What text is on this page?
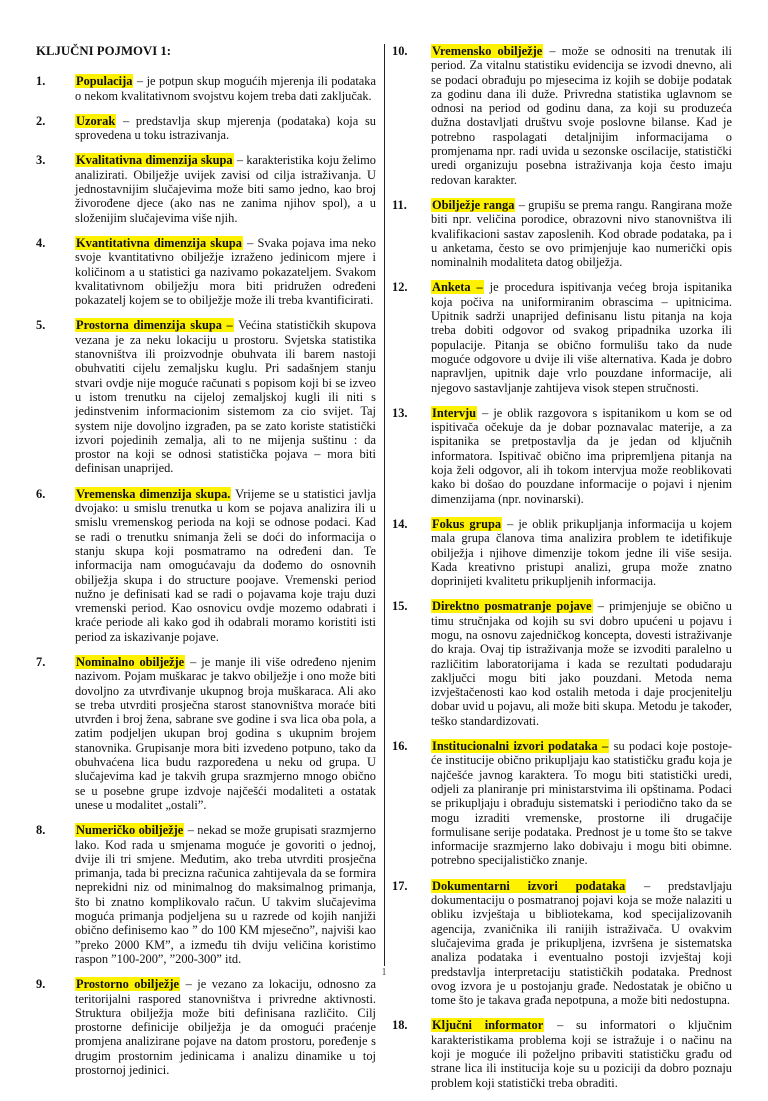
KLJUČNI POJMOVI 1:
1. Populacija – je potpun skup mogućih mjerenja ili podataka o nekom kvalitativnom svojstvu kojem treba dati zaključak.
2. Uzorak – predstavlja skup mjerenja (podataka) koja su sprovedena u toku istrazivanja.
3. Kvalitativna dimenzija skupa – karakteristika koju želimo analizirati. Obilježje uvijek zavisi od cilja istraživanja. U jednostavnijim slučajevima može biti samo jedno, kao broj živorođene djece (ako nas ne zanima njihov spol), a u složenijim slučajevima više njih.
4. Kvantitativna dimenzija skupa – Svaka pojava ima neko svoje kvantitativno obilježje izraženo jedinicom mjere i količinom a u statistici ga nazivamo pokazateljem. Svakom kvalitativnom obilježju mora biti pridružen određeni pokazatelj kojem se to obilježje može ili treba kvantificirati.
5. Prostorna dimenzija skupa – Većina statističkih skupova vezana je za neku lokaciju u prostoru. Svjetska statistika stanovništva ili proizvodnje obuhvata ili barem nastoji obuhvatiti cijelu zemaljsku kuglu. Pri sadašnjem stanju stvari ovdje nije moguće računati s popisom koji bi se izveo u istom trenutku na cijeloj zemaljskoj kugli ili niti s jedinstvenim informacionim sistemom za cio svijet. Taj system nije dovoljno izgrađen, pa se zato koriste statistički izvori pojedinih zemalja, ali to ne mijenja suštinu : da prostor na koji se odnosi statistička pojava – mora biti definisan unaprijed.
6. Vremenska dimenzija skupa. Vrijeme se u statistici javlja dvojako: u smislu trenutka u kom se pojava analizira ili u smislu vremenskog perioda na koji se odnose podaci. Kad se radi o trenutku snimanja želi se doći do informacija o stanju skupa koji posmatramo na određeni dan. Te informacija nam omogućavaju da dođemo do osnovnih obilježja skupa i do structure poojave. Vremenski period nužno je definisati kad se radi o pojavama koje traju duzi vremenski period. Kao osnovicu ovdje mozemo odabrati i kraće periode ali kako god ih odabrali moramo koristiti isti period za iskazivanje pojave.
7. Nominalno obilježje – je manje ili više određeno njenim nazivom. Pojam muškarac je takvo obilježje i ono može biti dovoljno za utvrđivanje ukupnog broja muškaraca. Ali ako se treba utvrditi prosječna starost stanovništva moraće biti utvrđen i broj žena, sabrane sve godine i sva lica oba pola, a zatim podjeljen ukupan broj godina s ukupnim brojem stanovnika. Grupisanje mora biti izvedeno potpuno, tako da obuhvaćena lica budu razpoređena u neku od grupa. U slučajevima kad je takvih grupa srazmjerno mnogo obično se u posebne grupe izdvoje najčešći modaliteti a ostatak unese u modalitet „ostali”.
8. Numeričko obilježje – nekad se može grupisati srazmjerno lako. Kod rada u smjenama moguće je govoriti o jednoj, dvije ili tri smjene. Međutim, ako treba utvrditi prosječna primanja, tada bi precizna računica zahtijevala da se formira neprekidni niz od minimalnog do maksimalnog primanja, što bi znatno komplikovalo račun. U takvim slučajevima moguća primanja podjeljena su u razrede od kojih nanjiži obično definisemo kao ” do 100 KM mjesečno”, najviši kao ”preko 2000 KM”, a između tih dviju veličina koristimo raspon ”100-200”, ”200-300” itd.
9. Prostorno obilježje – je vezano za lokaciju, odnosno za teritorijalni raspored stanovništva i privredne aktivnosti. Struktura obilježja može biti definisana različito. Cilj prostorne definicije obilježja je da omogući praćenje promjena analizirane pojave na datom prostoru, poređenje s drugim prostornim jedinicama i analizu dinamike u toj prostornoj jedinici.
10. Vremensko obilježje – može se odnositi na trenutak ili period. Za vitalnu statistiku evidencija se izvodi dnevno, ali se podaci obrađuju po mjesecima iz kojih se dobije podatak za godinu dana ili duže. Privredna statistika uglavnom se odnosi na period od godinu dana, za koji su produzeća dužna dostavljati društvu svoje poslovne bilanse. Kad je potrebno raspolagati detaljnijim informacijama o promjenama npr. radi uvida u sezonske oscilacije, statistički uredi organizuju posebna istraživanja koja često imaju redovan karakter.
11. Obilježje ranga – grupišu se prema rangu. Rangirana može biti npr. veličina porodice, obrazovni nivo stanovništva ili kvalifikacioni sastav zaposlenih. Kod obrade podataka, pa i u anketama, često se ovo primjenjuje kao numerički opis nominalnih modaliteta datog obilježja.
12. Anketa – je procedura ispitivanja većeg broja ispitanika koja počiva na uniformiranim obrascima – upitnicima. Upitnik sadrži unaprijed definisanu listu pitanja na koja treba dobiti odgovor od svakog pripadnika uzorka ili populacije. Pitanja se obično formulišu tako da nude moguće odgovore u dvije ili više alternativa. Kada je dobro napravljen, upitnik daje vrlo pouzdane informacije, ali njegovo sastavljanje zahtijeva visok stepen stručnosti.
13. Intervju – je oblik razgovora s ispitanikom u kom se od ispitivača očekuje da je dobar poznavalac materije, a za ispitanika se pretpostavlja da je jedan od ključnih informatora. Ispitivač obično ima pripremljena pitanja na koja želi odgovor, ali ih tokom intervjua može reoblikovati kako bi došao do pouzdane informacije o pojavi i njenim dimenzijama (npr. novinarski).
14. Fokus grupa – je oblik prikupljanja informacija u kojem mala grupa članova tima analizira problem te idetifikuje obilježja i njihove dimenzije tokom jedne ili više sesija. Kada kreativno pristupi analizi, grupa može znatno doprinijeti kvalitetu prikupljenih informacija.
15. Direktno posmatranje pojave – primjenjuje se obično u timu stručnjaka od kojih su svi dobro upućeni u pojavu i mogu, na osnovu zajedničkog koncepta, dovesti istraživanje do kraja. Ovaj tip istraživanja može se izvoditi paralelno u različitim laboratorijama i kada se rezultati podudaraju zaključci mogu biti jako pouzdani. Metoda nema izvještačenosti kao kod ostalih metoda i daje procjenitelju dobar uvid u pojavu, ali može biti skupa. Metodu je također, teško standardizovati.
16. Institucionalni izvori podataka – su podaci koje postoje-će institucije obično prikupljaju kao statističku građu koja je najčešće javnog karaktera. To mogu biti statistički uredi, odjeli za planiranje pri ministarstvima ili opštinama. Podaci se prikupljaju i obrađuju sistematski i periodično tako da se mogu izraditi vremenske, prostorne ili drugačije formulisane serije podataka. Prednost je u tome što se takve informacije srazmjerno lako dobivaju i mogu biti obimne. potrebno specijalističko znanje.
17. Dokumentarni izvori podataka – predstavljaju dokumentaciju o posmatranoj pojavi koja se može nalaziti u obliku izvještaja u bibliotekama, kod specijalizovanih agencija, zvaničnika ili ranijih istraživača. U ovakvim slučajevima građa je prikupljena, izvršena je sistematska analiza podataka i eventualno postoji izvještaj koji predstavlja interpretaciju statističkih podataka. Prednost ovog izvora je u postojanju građe. Nedostatak je obično u tome što je takava građa nepotpuna, a može biti nedostupna.
18. Ključni informator – su informatori o ključnim karakteristikama problema koji se istražuje i o načinu na koji je moguće ili poželjno pribaviti statističku građu od strane lica ili institucija koje su u poziciji da dobro poznaju problem koji statistički treba obraditi.
1
